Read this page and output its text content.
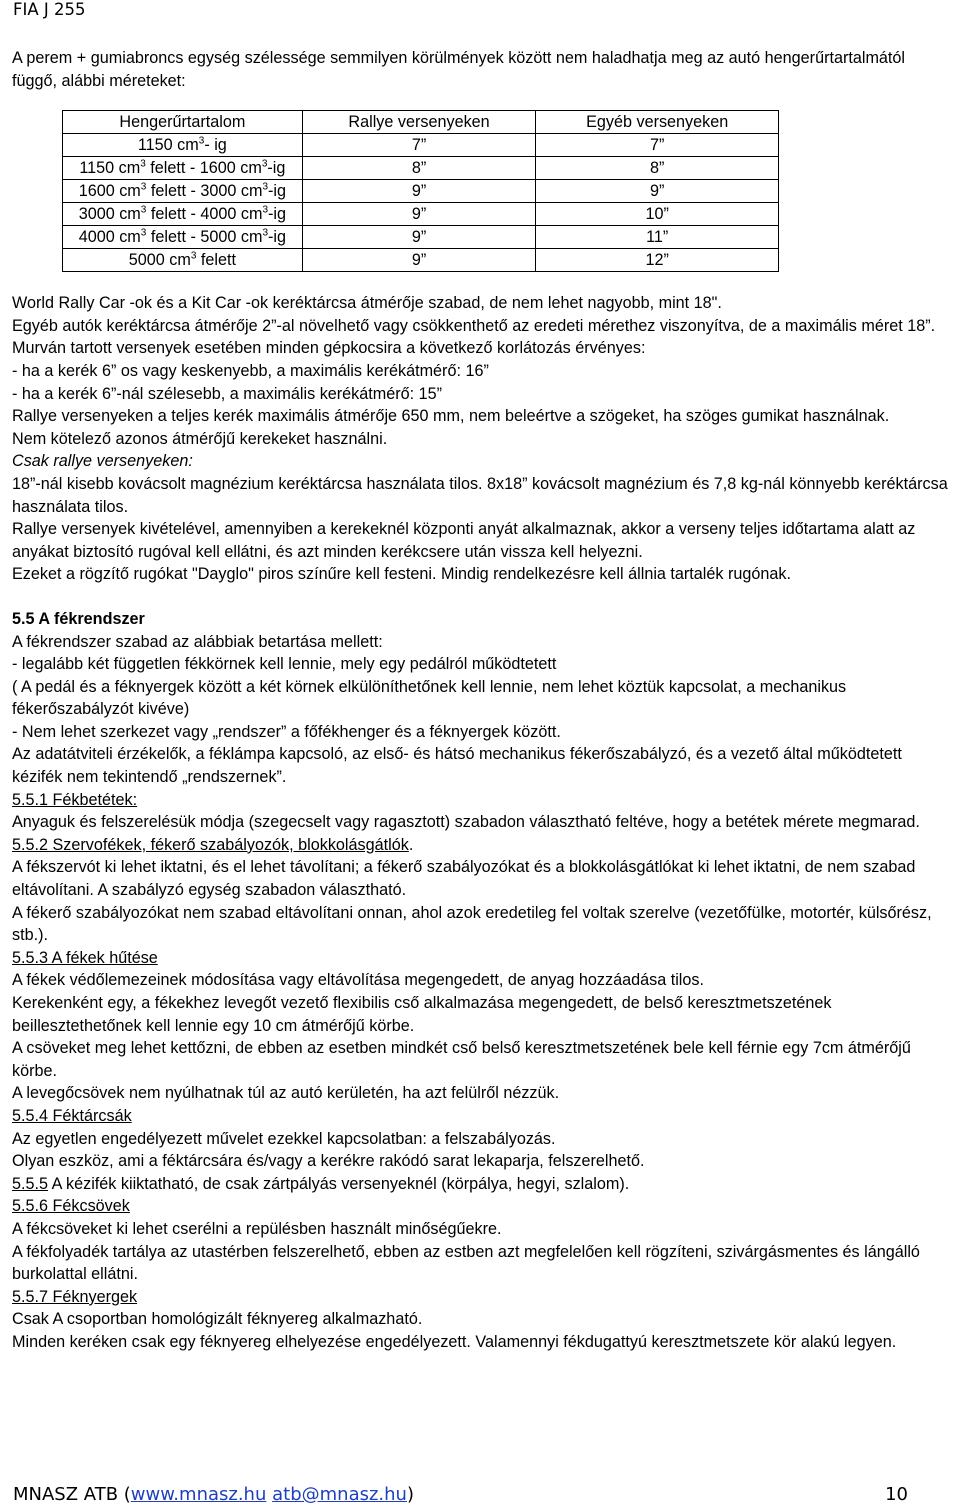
FIA J 255

A perem + gumiabroncs egység szélessége semmilyen körülmények között nem haladhatja meg az autó hengerűrtartalmától függő, alábbi méreteket:

Hengerűrtartalom	Rallye versenyeken	Egyéb versenyeken
1150 $cm^3-$ ig	7”	7”
1150 $cm^3$ felett - 1600 $cm^3-ig$	8”	8”
1600 $cm^3$ felett - 3000 $cm^3-ig$	9”	9”
3000 $cm^3$ felett - 4000 $cm^3-ig$	9”	10”
4000 $cm^3$ felett - 5000 $cm^3-ig$	9”	11”
5000 $cm^3$ felett	9”	12”

World Rally Car -ok és a Kit Car -ok keréktárcsa átmérője szabad, de nem lehet nagyobb, mint 18".

Egyéb autók keréktárcsa átmérője 2”-al növelhető vagy csökkenthető az eredeti mérethez viszonyítva, de a maximális méret 18”.

Murván tartott versenyek esetében minden gépkocsira a következő korlátozás érvényes:

- ha a kerék 6” os vagy keskenyebb, a maximális kerékátmérő: 16”

- ha a kerék 6”-nál szélesebb, a maximális kerékátmérő: 15”

Rallye versenyeken a teljes kerék maximális átmérője 650 mm, nem beleértve a szögeket, ha szöges gumikat használnak.

Nem kötelező azonos átmérőjű kerekeket használni.

Csak rallye versenyeken:

18”-nál kisebb kovácsolt magnézium keréktárcsa használata tilos. 8x18” kovácsolt magnézium és 7,8 kg-nál könnyebb keréktárcsa használata tilos.

Rallye versenyek kivételével, amennyiben a kerekeknél központi anyát alkalmaznak, akkor a verseny teljes időtartama alatt az anyákat biztosító rugóval kell ellátni, és azt minden kerékcsere után vissza kell helyezni.

Ezeket a rögzítő rugókat "Dayglo" piros színűre kell festeni. Mindig rendelkezésre kell állnia tartalék rugónak.

5.5 A fékrendszer

A fékrendszer szabad az alábbiak betartása mellett:

- legalább két független fékkörnek kell lennie, mely egy pedálról működtetett

( A pedál és a féknyergek között a két körnek elkülöníthetőnek kell lennie, nem lehet köztük kapcsolat, a mechanikus fékerőszabályzót kivéve)

- Nem lehet szerkezet vagy „rendszer” a főfékhenger és a féknyergek között.

Az adatátviteli érzékelők, a féklámpa kapcsoló, az első- és hátsó mechanikus fékerőszabályzó, és a vezető által működtetett kézifék nem tekintendő „rendszernek”.

5.5.1 Fékbetétek:

Anyaguk és felszerelésük módja (szegecselt vagy ragasztott) szabadon választható feltéve, hogy a betétek mérete megmarad.

5.5.2 Szervofékek, fékerő szabályozók, blokkolásgátlók.

A fékszervót ki lehet iktatni, és el lehet távolítani; a fékerő szabályozókat és a blokkolásgátlókat ki lehet iktatni, de nem szabad eltávolítani. A szabályzó egység szabadon választható.

A fékerő szabályozókat nem szabad eltávolítani onnan, ahol azok eredetileg fel voltak szerelve (vezetőfülke, motortér, külsőrész, stb.).

5.5.3 A fékek hűtése

A fékek védőlemezeinek módosítása vagy eltávolítása megengedett, de anyag hozzáadása tilos.

Kerekenként egy, a fékekhez levegőt vezető flexibilis cső alkalmazása megengedett, de belső keresztmetszetének beillesztethetőnek kell lennie egy 10 cm átmérőjű körbe.

A csöveket meg lehet kettőzni, de ebben az esetben mindkét cső belső keresztmetszetének bele kell férnie egy 7cm átmérőjű körbe.

A levegőcsövek nem nyúlhatnak túl az autó kerületén, ha azt felülről nézzük.

5.5.4 Féktárcsák

Az egyetlen engedélyezett művelet ezekkel kapcsolatban: a felszabályozás.

Olyan eszköz, ami a féktárcsára és/vagy a kerékre rakódó sarat lekaparja, felszerelhető.

5.5.5 A kézifék kiiktatható, de csak zártpályás versenyeknél (körpálya, hegyi, szlalom).

5.5.6 Fékcsövek

A fékcsöveket ki lehet cserélni a repülésben használt minőségűekre.

A fékfolyadék tartálya az utastérben felszerelhető, ebben az estben azt megfelelően kell rögzíteni, szivárgásmentes és lángálló burkolattal ellátni.

5.5.7 Féknyergek

Csak A csoportban homológizált féknyereg alkalmazható.

Minden keréken csak egy féknyereg elhelyezése engedélyezett. Valamennyi fékdugattyú keresztmetszete kör alakú legyen.

MNASZ ATB (www.mnasz.hu atb@mnasz.hu)	10
